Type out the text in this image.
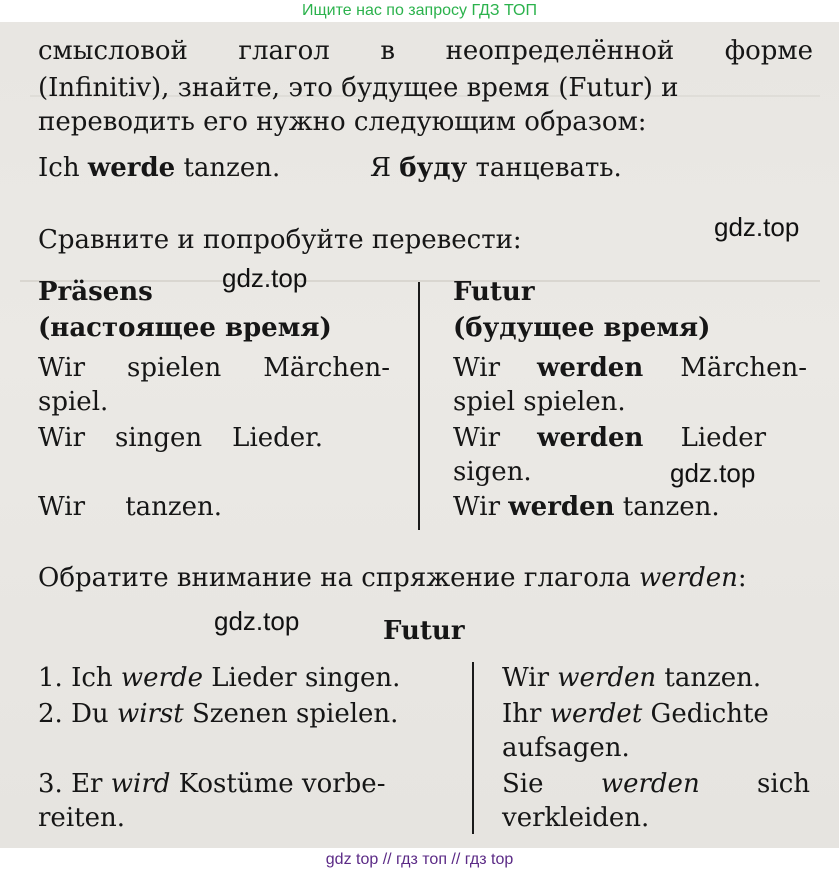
Ищите нас по запросу ГДЗ ТОП
смысловой глагол в неопределённой форме
(Infinitiv), знайте, это будущее время (Futur) и
переводить его нужно следующим образом:
Ich werde tanzen.	Я буду танцевать.
Сравните и попробуйте перевести:
Präsens
(настоящее время)
Wir spielen Märchen-
spiel.
Wir singen Lieder.
Wir tanzen.
Futur
(будущее время)
Wir werden Märchen-
spiel spielen.
Wir werden Lieder
sigen.
Wir werden tanzen.
Обратите внимание на спряжение глагола werden:
Futur
1. Ich werde Lieder singen.
2. Du wirst Szenen spielen.
3. Er wird Kostüme vorbe-
reiten.
Wir werden tanzen.
Ihr werdet Gedichte
aufsagen.
Sie werden sich
verkleiden.
gdz.top
gdz.top
gdz.top
gdz.top
gdz top // гдз топ // гдз top
